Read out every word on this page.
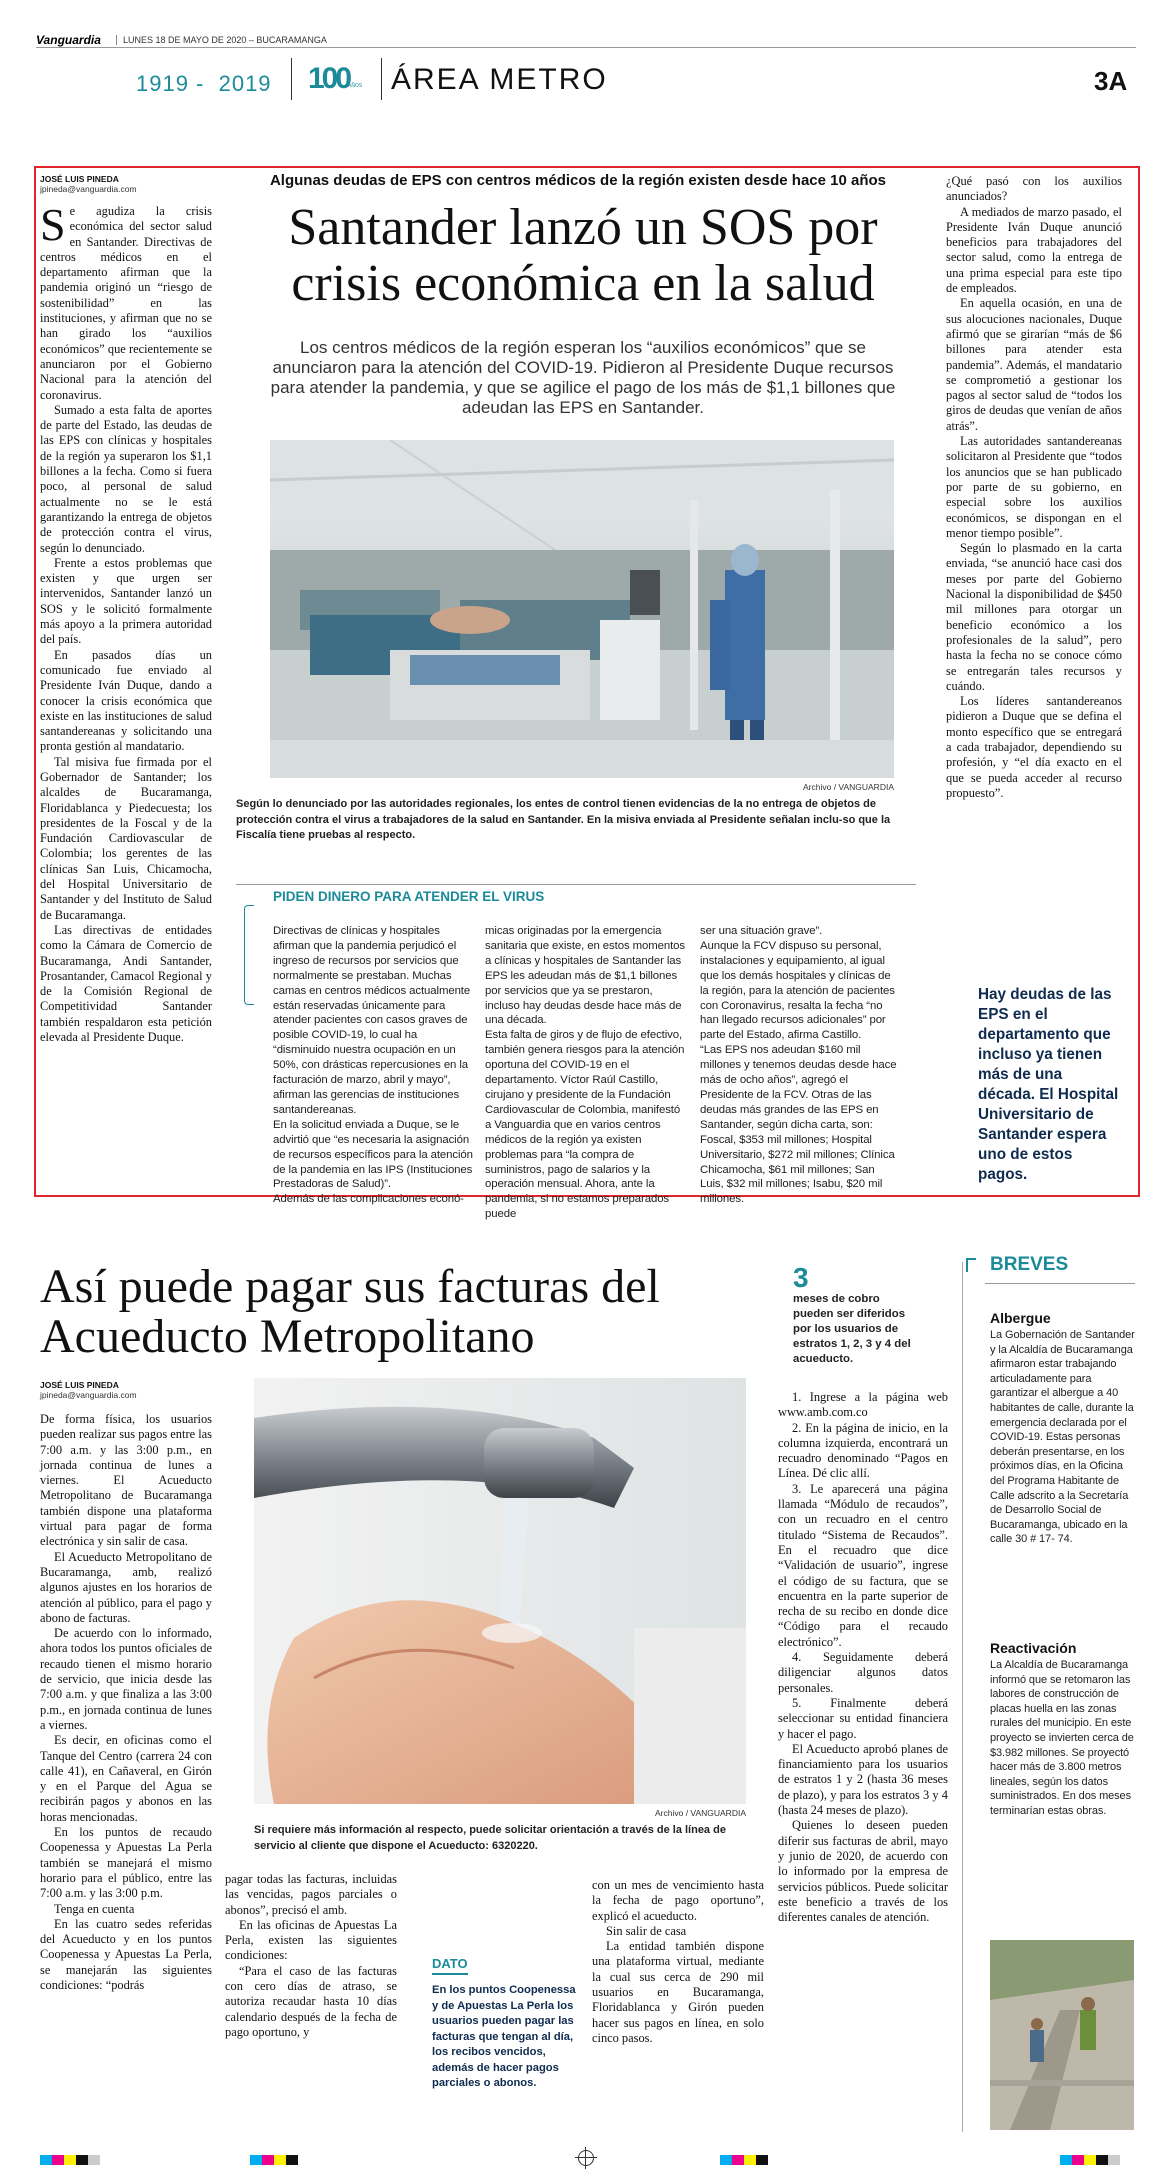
Vanguardia	LUNES 18 DE MAYO DE 2020 – BUCARAMANGA
1919 -  2019 100
AÑOS ÁREA METRO	3A
JOSÉ LUIS PINEDA
jpineda@vanguardia.com

Se agudiza la crisis económica del sector salud en Santander. Directivas de centros médicos en el departamento afirman que la pandemia originó un “riesgo de sostenibilidad” en las instituciones, y afirman que no se han girado los “auxilios económicos” que recientemente se anunciaron por el Gobierno Nacional para la atención del coronavirus.

Sumado a esta falta de aportes de parte del Estado, las deudas de las EPS con clínicas y hospitales de la región ya superaron los $1,1 billones a la fecha. Como si fuera poco, al personal de salud actualmente no se le está garantizando la entrega de objetos de protección contra el virus, según lo denunciado.

Frente a estos problemas que existen y que urgen ser intervenidos, Santander lanzó un SOS y le solicitó formalmente más apoyo a la primera autoridad del país.

En pasados días un comunicado fue enviado al Presidente Iván Duque, dando a conocer la crisis económica que existe en las instituciones de salud santandereanas y solicitando una pronta gestión al mandatario.

Tal misiva fue firmada por el Gobernador de Santander; los alcaldes de Bucaramanga, Floridablanca y Piedecuesta; los presidentes de la Foscal y de la Fundación Cardiovascular de Colombia; los gerentes de las clínicas San Luis, Chicamocha, del Hospital Universitario de Santander y del Instituto de Salud de Bucaramanga.

Las directivas de entidades como la Cámara de Comercio de Bucaramanga, Andi Santander, Prosantander, Camacol Regional y de la Comisión Regional de Competitividad Santander también respaldaron esta petición elevada al Presidente Duque.

Algunas deudas de EPS con centros médicos de la región existen desde hace 10 años
Santander lanzó un SOS por crisis económica en la salud
Los centros médicos de la región esperan los “auxilios económicos” que se anunciaron para la atención del COVID-19. Pidieron al Presidente Duque recursos para atender la pandemia, y que se agilice el pago de los más de $1,1 billones que adeudan las EPS en Santander.
Archivo / VANGUARDIA
Según lo denunciado por las autoridades regionales, los entes de control tienen evidencias de la no entrega de objetos de protección contra el virus a trabajadores de la salud en Santander. En la misiva enviada al Presidente señalan inclu-so que la Fiscalía tiene pruebas al respecto.
PIDEN DINERO PARA ATENDER EL VIRUS
Directivas de clínicas y hospitales afirman que la pandemia perjudicó el ingreso de recursos por servicios que normalmente se prestaban. Muchas camas en centros médicos actualmente están reservadas únicamente para atender pacientes con casos graves de posible COVID-19, lo cual ha “disminuido nuestra ocupación en un 50%, con drásticas repercusiones en la facturación de marzo, abril y mayo”, afirman las gerencias de instituciones santandereanas.
En la solicitud enviada a Duque, se le advirtió que “es necesaria la asignación de recursos específicos para la atención de la pandemia en las IPS (Instituciones Prestadoras de Salud)”.
Además de las complicaciones econó-
micas originadas por la emergencia sanitaria que existe, en estos momentos a clínicas y hospitales de Santander las EPS les adeudan más de $1,1 billones por servicios que ya se prestaron, incluso hay deudas desde hace más de una década.
Esta falta de giros y de flujo de efectivo, también genera riesgos para la atención oportuna del COVID-19 en el departamento. Víctor Raúl Castillo, cirujano y presidente de la Fundación Cardiovascular de Colombia, manifestó a Vanguardia que en varios centros médicos de la región ya existen problemas para “la compra de suministros, pago de salarios y la operación mensual. Ahora, ante la pandemia, si no estamos preparados puede
ser una situación grave”.
Aunque la FCV dispuso su personal, instalaciones y equipamiento, al igual que los demás hospitales y clínicas de la región, para la atención de pacientes con Coronavirus, resalta la fecha “no han llegado recursos adicionales” por parte del Estado, afirma Castillo.
“Las EPS nos adeudan $160 mil millones y tenemos deudas desde hace más de ocho años”, agregó el Presidente de la FCV. Otras de las deudas más grandes de las EPS en Santander, según dicha carta, son: Foscal, $353 mil millones; Hospital Universitario, $272 mil millones; Clínica Chicamocha, $61 mil millones; San Luis, $32 mil millones; Isabu, $20 mil millones.

¿Qué pasó con los auxilios anunciados?

A mediados de marzo pasado, el Presidente Iván Duque anunció beneficios para trabajadores del sector salud, como la entrega de una prima especial para este tipo de empleados.

En aquella ocasión, en una de sus alocuciones nacionales, Duque afirmó que se girarían “más de $6 billones para atender esta pandemia”. Además, el mandatario se comprometió a gestionar los pagos al sector salud de “todos los giros de deudas que venían de años atrás”.

Las autoridades santandereanas solicitaron al Presidente que “todos los anuncios que se han publicado por parte de su gobierno, en especial sobre los auxilios económicos, se dispongan en el menor tiempo posible”.

Según lo plasmado en la carta enviada, “se anunció hace casi dos meses por parte del Gobierno Nacional la disponibilidad de $450 mil millones para otorgar un beneficio económico a los profesionales de la salud”, pero hasta la fecha no se conoce cómo se entregarán tales recursos y cuándo.

Los líderes santandereanos pidieron a Duque que se defina el monto específico que se entregará a cada trabajador, dependiendo su profesión, y “el día exacto en el que se pueda acceder al recurso propuesto”.

Hay deudas de las EPS en el departamento que incluso ya tienen más de una década. El Hospital Universitario de Santander espera uno de estos pagos.
Así puede pagar sus facturas del Acueducto Metropolitano
JOSÉ LUIS PINEDA
jpineda@vanguardia.com
3
meses de cobro pueden ser diferidos por los usuarios de estratos 1, 2, 3 y 4 del acueducto.

De forma física, los usuarios pueden realizar sus pagos entre las 7:00 a.m. y las 3:00 p.m., en jornada continua de lunes a viernes. El Acueducto Metropolitano de Bucaramanga también dispone una plataforma virtual para pagar de forma electrónica y sin salir de casa.

El Acueducto Metropolitano de Bucaramanga, amb, realizó algunos ajustes en los horarios de atención al público, para el pago y abono de facturas.

De acuerdo con lo informado, ahora todos los puntos oficiales de recaudo tienen el mismo horario de servicio, que inicia desde las 7:00 a.m. y que finaliza a las 3:00 p.m., en jornada continua de lunes a viernes.

Es decir, en oficinas como el Tanque del Centro (carrera 24 con calle 41), en Cañaveral, en Girón y en el Parque del Agua se recibirán pagos y abonos en las horas mencionadas.

En los puntos de recaudo Coopenessa y Apuestas La Perla también se manejará el mismo horario para el público, entre las 7:00 a.m. y las 3:00 p.m.

Tenga en cuenta

En las cuatro sedes referidas del Acueducto y en los puntos Coopenessa y Apuestas La Perla, se manejarán las siguientes condiciones: “podrás

Archivo / VANGUARDIA
Si requiere más información al respecto, puede solicitar orientación a través de la línea de servicio al cliente que dispone el Acueducto: 6320220.

pagar todas las facturas, incluidas las vencidas, pagos parciales o abonos”, precisó el amb.

En las oficinas de Apuestas La Perla, existen las siguientes condiciones:

“Para el caso de las facturas con cero días de atraso, se autoriza recaudar hasta 10 días calendario después de la fecha de pago oportuno, y

DATO
En los puntos Coopenessa y de Apuestas La Perla los usuarios pueden pagar las facturas que tengan al día, los recibos vencidos, además de hacer pagos parciales o abonos.

con un mes de vencimiento hasta la fecha de pago oportuno”, explicó el acueducto.

Sin salir de casa

La entidad también dispone una plataforma virtual, mediante la cual sus cerca de 290 mil usuarios en Bucaramanga, Floridablanca y Girón pueden hacer sus pagos en línea, en solo cinco pasos.

1. Ingrese a la página web www.amb.com.co

2. En la página de inicio, en la columna izquierda, encontrará un recuadro denominado “Pagos en Línea. Dé clic allí.

3. Le aparecerá una página llamada “Módulo de recaudos”, con un recuadro en el centro titulado “Sistema de Recaudos”. En el recuadro que dice “Validación de usuario”, ingrese el código de su factura, que se encuentra en la parte superior de recha de su recibo en donde dice “Código para el recaudo electrónico”.

4. Seguidamente deberá diligenciar algunos datos personales.

5. Finalmente deberá seleccionar su entidad financiera y hacer el pago.

El Acueducto aprobó planes de financiamiento para los usuarios de estratos 1 y 2 (hasta 36 meses de plazo), y para los estratos 3 y 4 (hasta 24 meses de plazo).

Quienes lo deseen pueden diferir sus facturas de abril, mayo y junio de 2020, de acuerdo con lo informado por la empresa de servicios públicos. Puede solicitar este beneficio a través de los diferentes canales de atención.

BREVES
Albergue
La Gobernación de Santander y la Alcaldía de Bucaramanga afirmaron estar trabajando articuladamente para garantizar el albergue a 40 habitantes de calle, durante la emergencia declarada por el COVID-19. Estas personas deberán presentarse, en los próximos días, en la Oficina del Programa Habitante de Calle adscrito a la Secretaría de Desarrollo Social de Bucaramanga, ubicado en la calle 30 # 17- 74.
Reactivación
La Alcaldía de Bucaramanga informó que se retomaron las labores de construcción de placas huella en las zonas rurales del municipio. En este proyecto se invierten cerca de $3.982 millones. Se proyectó hacer más de 3.800 metros lineales, según los datos suministrados. En dos meses terminarían estas obras.
